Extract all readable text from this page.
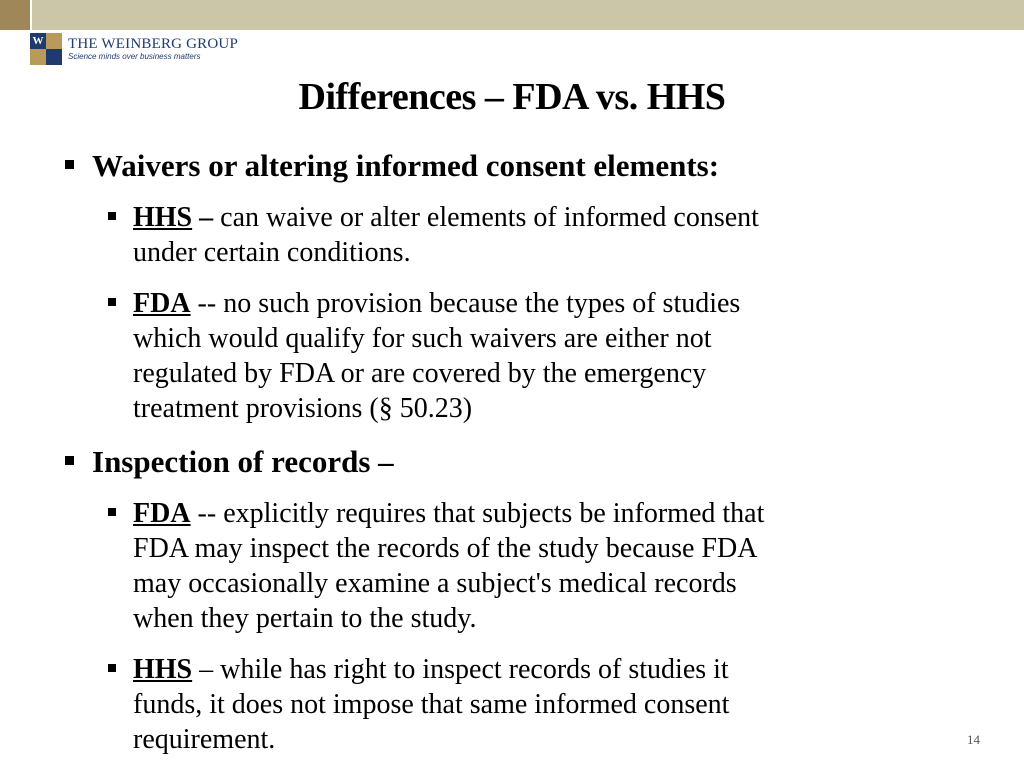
W THE WEINBERG GROUP
Science minds over business matters
Differences – FDA vs. HHS
Waivers or altering informed consent elements:
HHS – can waive or alter elements of informed consent
under certain conditions.
FDA -- no such provision because the types of studies
which would qualify for such waivers are either not
regulated by FDA or are covered by the emergency
treatment provisions (§ 50.23)
Inspection of records –
FDA -- explicitly requires that subjects be informed that
FDA may inspect the records of the study because FDA
may occasionally examine a subject's medical records
when they pertain to the study.
HHS – while has right to inspect records of studies it
funds, it does not impose that same informed consent
requirement.	14
